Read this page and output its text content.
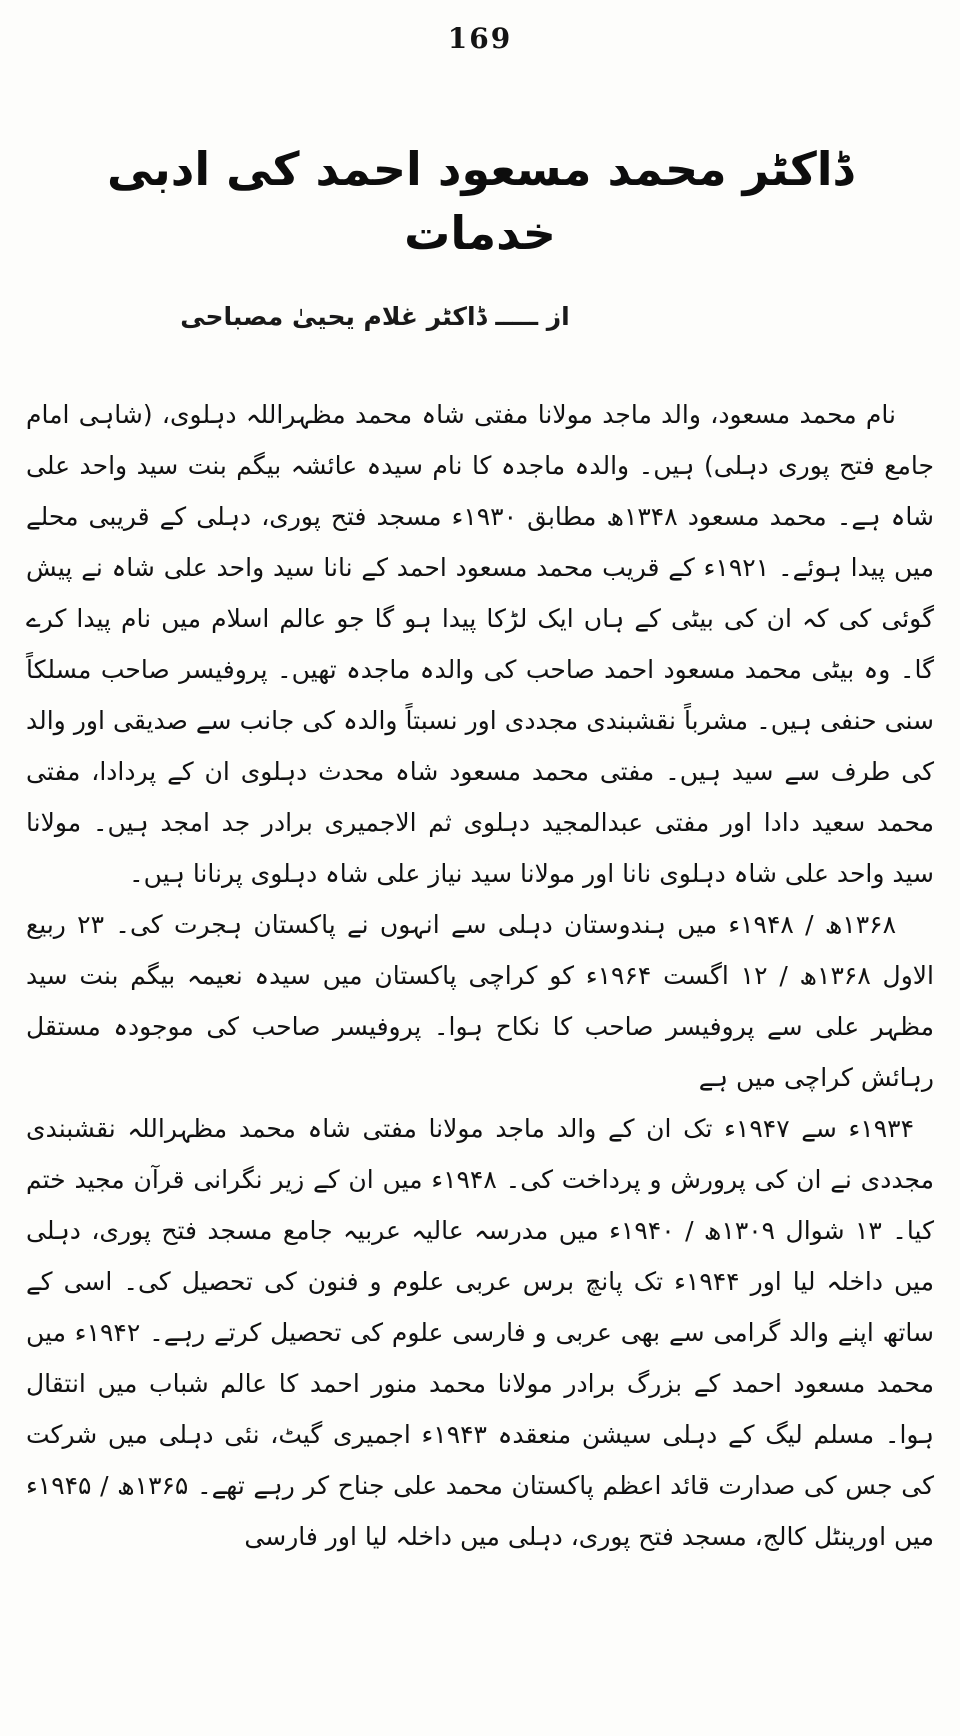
169
ڈاکٹر محمد مسعود احمد کی ادبی خدمات
از ـــــ ڈاکٹر غلام یحییٰ مصباحی

نام محمد مسعود، والد ماجد مولانا مفتی شاہ محمد مظہراللہ دہلوی، (شاہی امام جامع فتح پوری دہلی) ہیں۔ والدہ ماجدہ کا نام سیدہ عائشہ بیگم بنت سید واحد علی شاہ ہے۔ محمد مسعود ۱۳۴۸ھ مطابق ۱۹۳۰ء مسجد فتح پوری، دہلی کے قریبی محلے میں پیدا ہوئے۔ ۱۹۲۱ء کے قریب محمد مسعود احمد کے نانا سید واحد علی شاہ نے پیش گوئی کی کہ ان کی بیٹی کے ہاں ایک لڑکا پیدا ہو گا جو عالم اسلام میں نام پیدا کرے گا۔ وہ بیٹی محمد مسعود احمد صاحب کی والدہ ماجدہ تھیں۔ پروفیسر صاحب مسلکاً سنی حنفی ہیں۔ مشرباً نقشبندی مجددی اور نسبتاً والدہ کی جانب سے صدیقی اور والد کی طرف سے سید ہیں۔ مفتی محمد مسعود شاہ محدث دہلوی ان کے پردادا، مفتی محمد سعید دادا اور مفتی عبدالمجید دہلوی ثم الاجمیری برادر جد امجد ہیں۔ مولانا سید واحد علی شاہ دہلوی نانا اور مولانا سید نیاز علی شاہ دہلوی پرنانا ہیں۔

۱۳۶۸ھ / ۱۹۴۸ء میں ہندوستان دہلی سے انہوں نے پاکستان ہجرت کی۔ ۲۳ ربیع الاول ۱۳۶۸ھ / ۱۲ اگست ۱۹۶۴ء کو کراچی پاکستان میں سیدہ نعیمہ بیگم بنت سید مظہر علی سے پروفیسر صاحب کا نکاح ہوا۔ پروفیسر صاحب کی موجودہ مستقل رہائش کراچی میں ہے

۱۹۳۴ء سے ۱۹۴۷ء تک ان کے والد ماجد مولانا مفتی شاہ محمد مظہراللہ نقشبندی مجددی نے ان کی پرورش و پرداخت کی۔ ۱۹۴۸ء میں ان کے زیر نگرانی قرآن مجید ختم کیا۔ ۱۳ شوال ۱۳۰۹ھ / ۱۹۴۰ء میں مدرسہ عالیہ عربیہ جامع مسجد فتح پوری، دہلی میں داخلہ لیا اور ۱۹۴۴ء تک پانچ برس عربی علوم و فنون کی تحصیل کی۔ اسی کے ساتھ اپنے والد گرامی سے بھی عربی و فارسی علوم کی تحصیل کرتے رہے۔ ۱۹۴۲ء میں محمد مسعود احمد کے بزرگ برادر مولانا محمد منور احمد کا عالم شباب میں انتقال ہوا۔ مسلم لیگ کے دہلی سیشن منعقدہ ۱۹۴۳ء اجمیری گیٹ، نئی دہلی میں شرکت کی جس کی صدارت قائد اعظم پاکستان محمد علی جناح کر رہے تھے۔ ۱۳۶۵ھ / ۱۹۴۵ء میں اورینٹل کالج، مسجد فتح پوری، دہلی میں داخلہ لیا اور فارسی
